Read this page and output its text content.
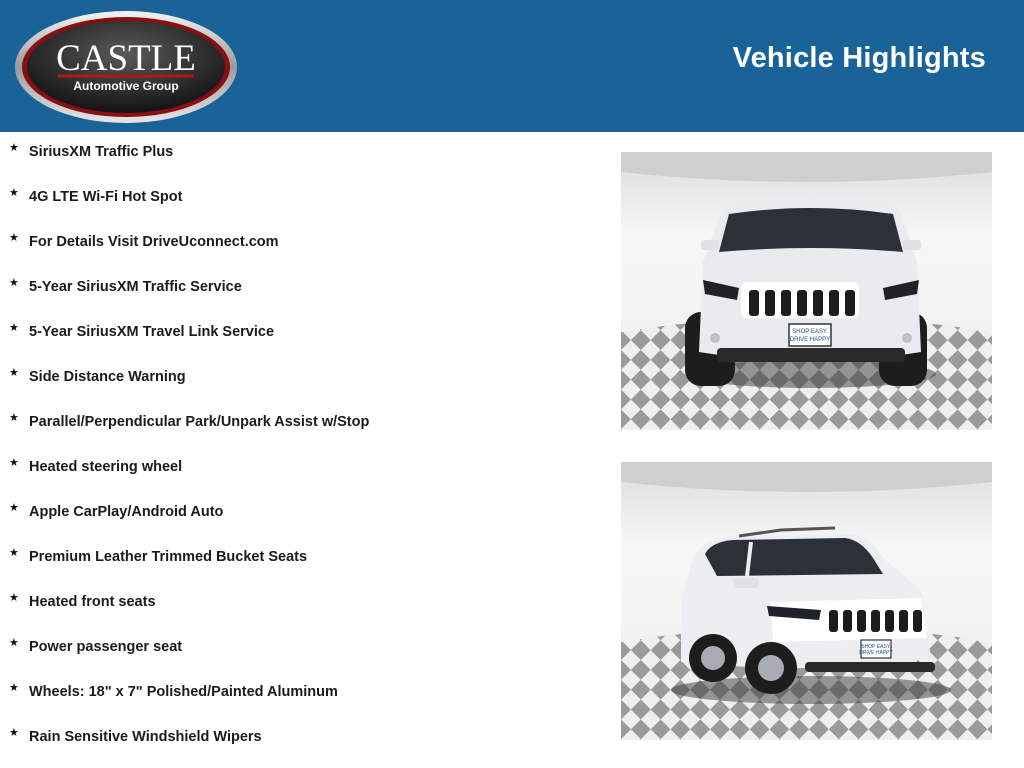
CASTLE
Automotive Group
Vehicle Highlights
★ SiriusXM Traffic Plus
★ 4G LTE Wi-Fi Hot Spot
★ For Details Visit DriveUconnect.com
★ 5-Year SiriusXM Traffic Service
★ 5-Year SiriusXM Travel Link Service
★ Side Distance Warning
★ Parallel/Perpendicular Park/Unpark Assist w/Stop
★ Heated steering wheel
★ Apple CarPlay/Android Auto
★ Premium Leather Trimmed Bucket Seats
★ Heated front seats
★ Power passenger seat
★ Wheels: 18" x 7" Polished/Painted Aluminum
★ Rain Sensitive Windshield Wipers
SHOP EASY.
DRIVE HAPPY
SHOP EASY.
DRIVE HAPPY
